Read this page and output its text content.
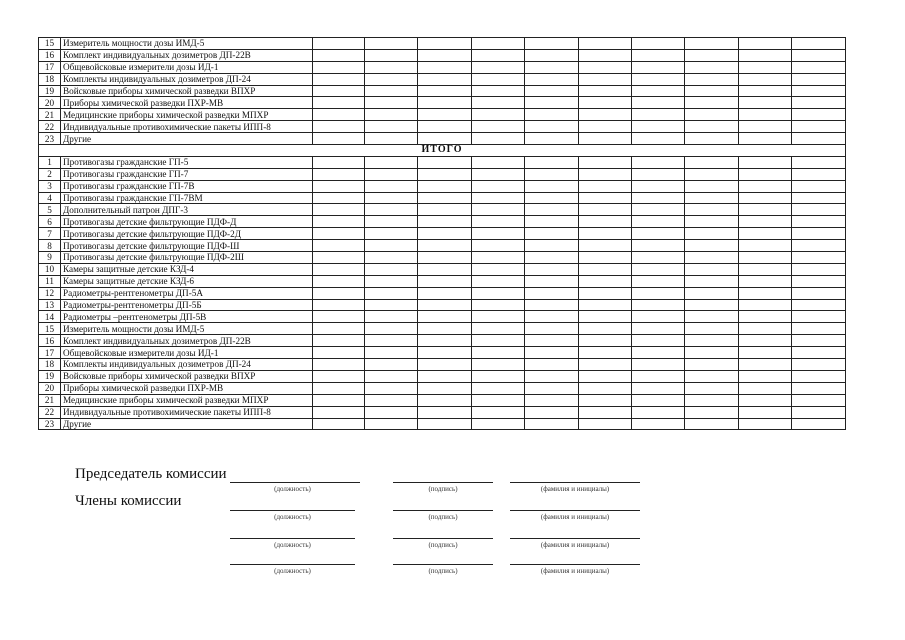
15	Измеритель мощности дозы ИМД-5										
16	Комплект индивидуальных дозиметров ДП-22В										
17	Общевойсковые измерители дозы ИД-1										
18	Комплекты индивидуальных дозиметров ДП-24										
19	Войсковые приборы химической разведки ВПХР										
20	Приборы химической разведки ПХР-МВ										
21	Медицинские приборы химической разведки МПХР										
22	Индивидуальные противохимические пакеты ИПП-8										
23	Другие										
ИТОГО											
1	Противогазы гражданские ГП-5										
2	Противогазы гражданские ГП-7										
3	Противогазы гражданские ГП-7В										
4	Противогазы гражданские ГП-7ВМ										
5	Дополнительный патрон ДПГ-3										
6	Противогазы детские фильтрующие ПДФ-Д										
7	Противогазы детские фильтрующие ПДФ-2Д										
8	Противогазы детские фильтрующие ПДФ-Ш										
9	Противогазы детские фильтрующие ПДФ-2Ш										
10	Камеры защитные детские КЗД-4										
11	Камеры защитные детские КЗД-6										
12	Радиометры-рентгенометры ДП-5А										
13	Радиометры-рентгенометры ДП-5Б										
14	Радиометры –рентгенометры ДП-5В										
15	Измеритель мощности дозы ИМД-5										
16	Комплект индивидуальных дозиметров ДП-22В										
17	Общевойсковые измерители дозы ИД-1										
18	Комплекты индивидуальных дозиметров ДП-24										
19	Войсковые приборы химической разведки ВПХР										
20	Приборы химической разведки ПХР-МВ										
21	Медицинские приборы химической разведки МПХР										
22	Индивидуальные противохимические пакеты ИПП-8										
23	Другие										
Председатель комиссии
Члены комиссии
(должность)	(подпись)	(фамилия и инициалы)
(должность)	(подпись)	(фамилия и инициалы)
(должность)	(подпись)	(фамилия и инициалы)
(должность)	(подпись)	(фамилия и инициалы)
